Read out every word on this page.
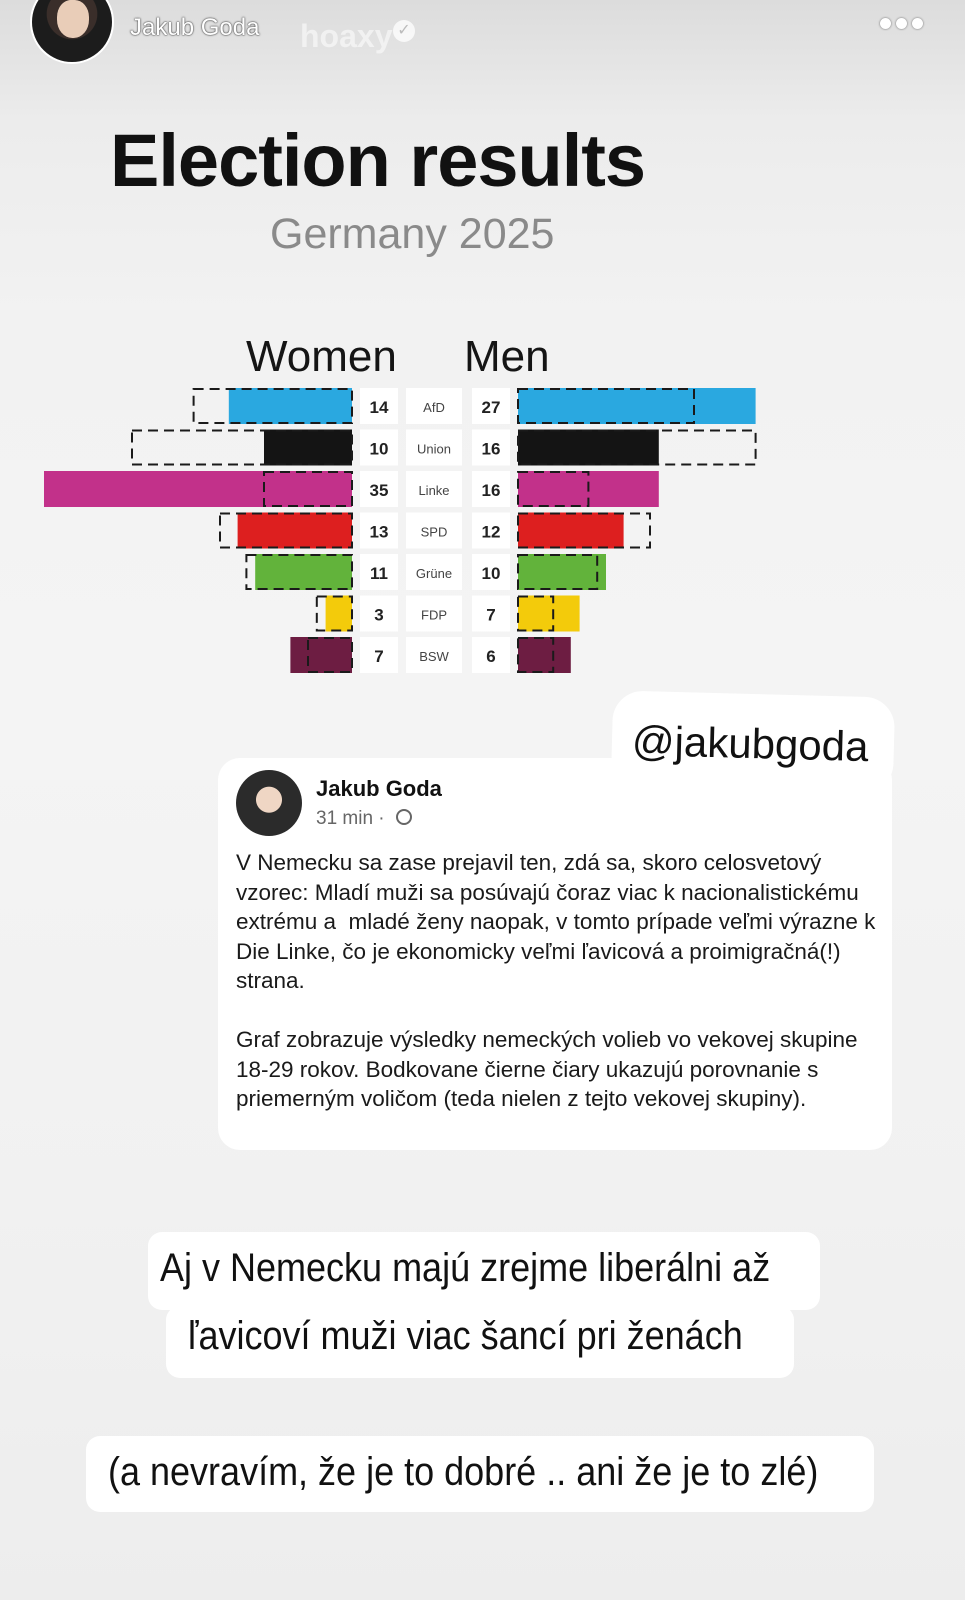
hoaxy
Jakub Goda	✓
Election results
Germany 2025
Women Men
14	AfD 27
10 Union 16
35 Linke 16
13 SPD 12
11 Grüne 10
3	FDP 7
7	BSW 6
@jakubgoda
Jakub Goda
31 min ·
V Nemecku sa zase prejavil ten, zdá sa, skoro celosvetový vzorec: Mladí muži sa posúvajú čoraz viac k nacionalistickému extrému a  mladé ženy naopak, v tomto prípade veľmi výrazne k Die Linke, čo je ekonomicky veľmi ľavicová a proimigračná(!) strana.

Graf zobrazuje výsledky nemeckých volieb vo vekovej skupine 18-29 rokov. Bodkovane čierne čiary ukazujú porovnanie s priemerným voličom (teda nielen z tejto vekovej skupiny).
Aj v Nemecku majú zrejme liberálni až
ľavicoví muži viac šancí pri ženách
(a nevravím, že je to dobré .. ani že je to zlé)
